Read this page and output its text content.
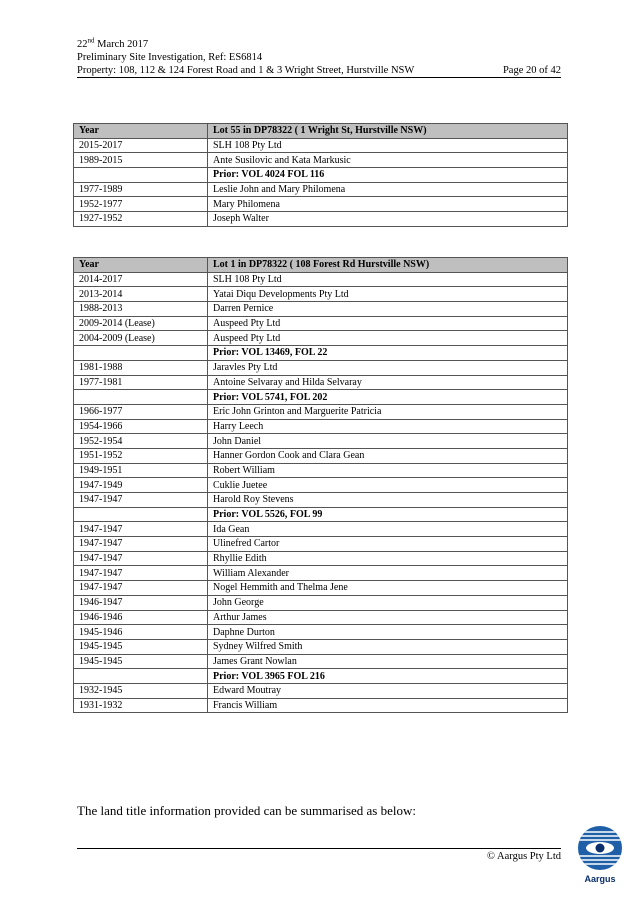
22nd March 2017
Preliminary Site Investigation, Ref: ES6814
Property: 108, 112 & 124 Forest Road and 1 & 3 Wright Street, Hurstville NSW	Page 20 of 42
Year	Lot 55 in DP78322 ( 1 Wright St, Hurstville NSW)
2015-2017	SLH 108 Pty Ltd
1989-2015	Ante Susilovic and Kata Markusic
	Prior: VOL 4024 FOL 116
1977-1989	Leslie John and Mary Philomena
1952-1977	Mary Philomena
1927-1952	Joseph Walter
Year	Lot 1 in DP78322 ( 108 Forest Rd Hurstville NSW)
2014-2017	SLH 108 Pty Ltd
2013-2014	Yatai Diqu Developments Pty Ltd
1988-2013	Darren Pernice
2009-2014 (Lease)	Auspeed Pty Ltd
2004-2009 (Lease)	Auspeed Pty Ltd
	Prior: VOL 13469, FOL 22
1981-1988	Jaravles Pty Ltd
1977-1981	Antoine Selvaray and Hilda Selvaray
	Prior: VOL 5741, FOL 202
1966-1977	Eric John Grinton and Marguerite Patricia
1954-1966	Harry Leech
1952-1954	John Daniel
1951-1952	Hanner Gordon Cook and Clara Gean
1949-1951	Robert William
1947-1949	Cuklie Juetee
1947-1947	Harold Roy Stevens
	Prior: VOL 5526, FOL 99
1947-1947	Ida Gean
1947-1947	Ulinefred Cartor
1947-1947	Rhyllie Edith
1947-1947	William Alexander
1947-1947	Nogel Hemmith and Thelma Jene
1946-1947	John George
1946-1946	Arthur James
1945-1946	Daphne Durton
1945-1945	Sydney Wilfred Smith
1945-1945	James Grant Nowlan
	Prior: VOL 3965 FOL 216
1932-1945	Edward Moutray
1931-1932	Francis William
The land title information provided can be summarised as below:
© Aargus Pty Ltd
Aargus
